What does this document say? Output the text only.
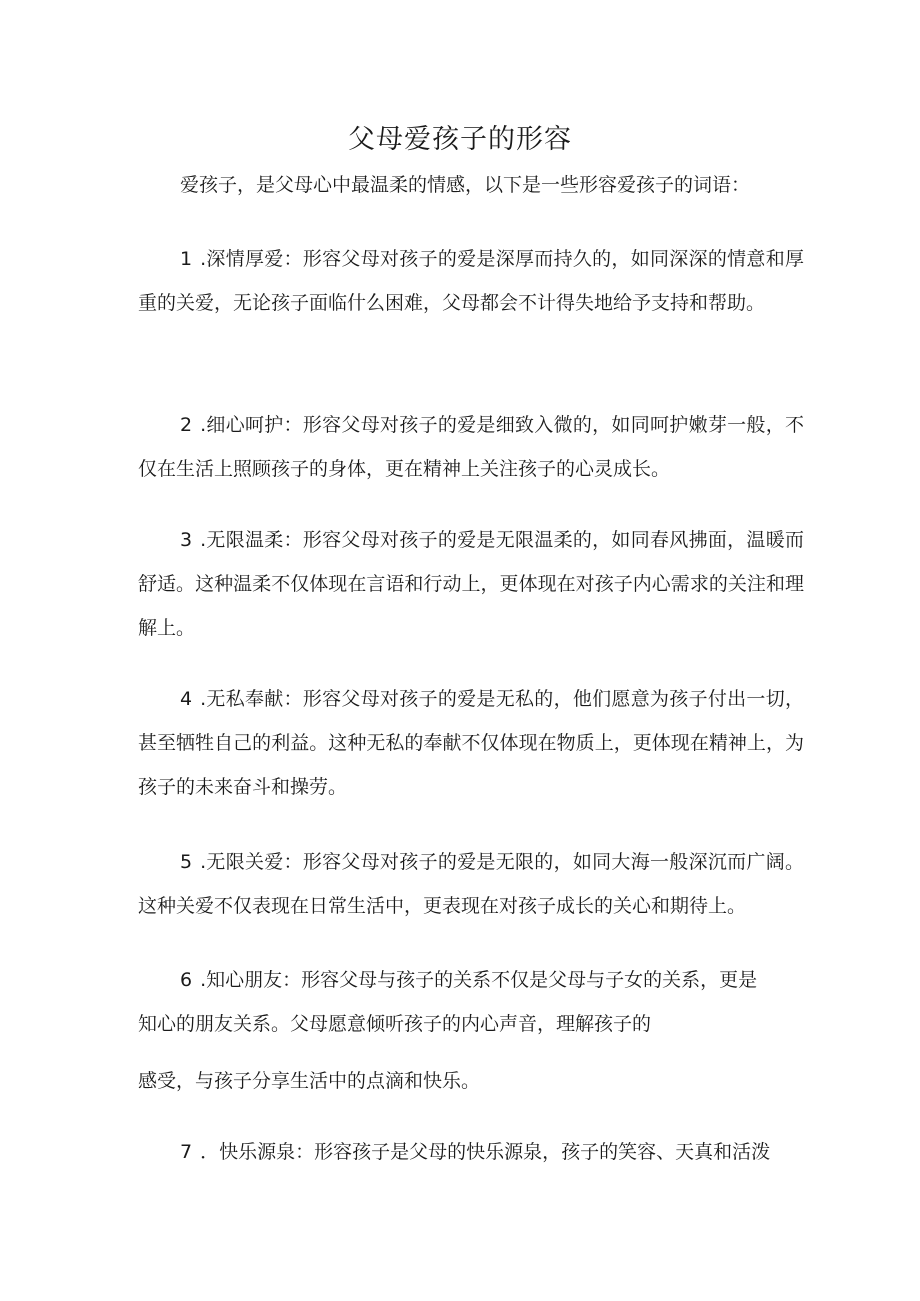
父母爱孩子的形容
爱孩子，是父母心中最温柔的情感，以下是一些形容爱孩子的词语：
1 .深情厚爱：形容父母对孩子的爱是深厚而持久的，如同深深的情意和厚重的关爱，无论孩子面临什么困难，父母都会不计得失地给予支持和帮助。
2 .细心呵护：形容父母对孩子的爱是细致入微的，如同呵护嫩芽一般，不仅在生活上照顾孩子的身体，更在精神上关注孩子的心灵成长。
3 .无限温柔：形容父母对孩子的爱是无限温柔的，如同春风拂面，温暖而舒适。这种温柔不仅体现在言语和行动上，更体现在对孩子内心需求的关注和理解上。
4 .无私奉献：形容父母对孩子的爱是无私的，他们愿意为孩子付出一切，甚至牺牲自己的利益。这种无私的奉献不仅体现在物质上，更体现在精神上，为孩子的未来奋斗和操劳。
5 .无限关爱：形容父母对孩子的爱是无限的，如同大海一般深沉而广阔。这种关爱不仅表现在日常生活中，更表现在对孩子成长的关心和期待上。
6 .知心朋友：形容父母与孩子的关系不仅是父母与子女的关系，更是
知心的朋友关系。父母愿意倾听孩子的内心声音，理解孩子的
感受，与孩子分享生活中的点滴和快乐。
7 ．快乐源泉：形容孩子是父母的快乐源泉，孩子的笑容、天真和活泼
